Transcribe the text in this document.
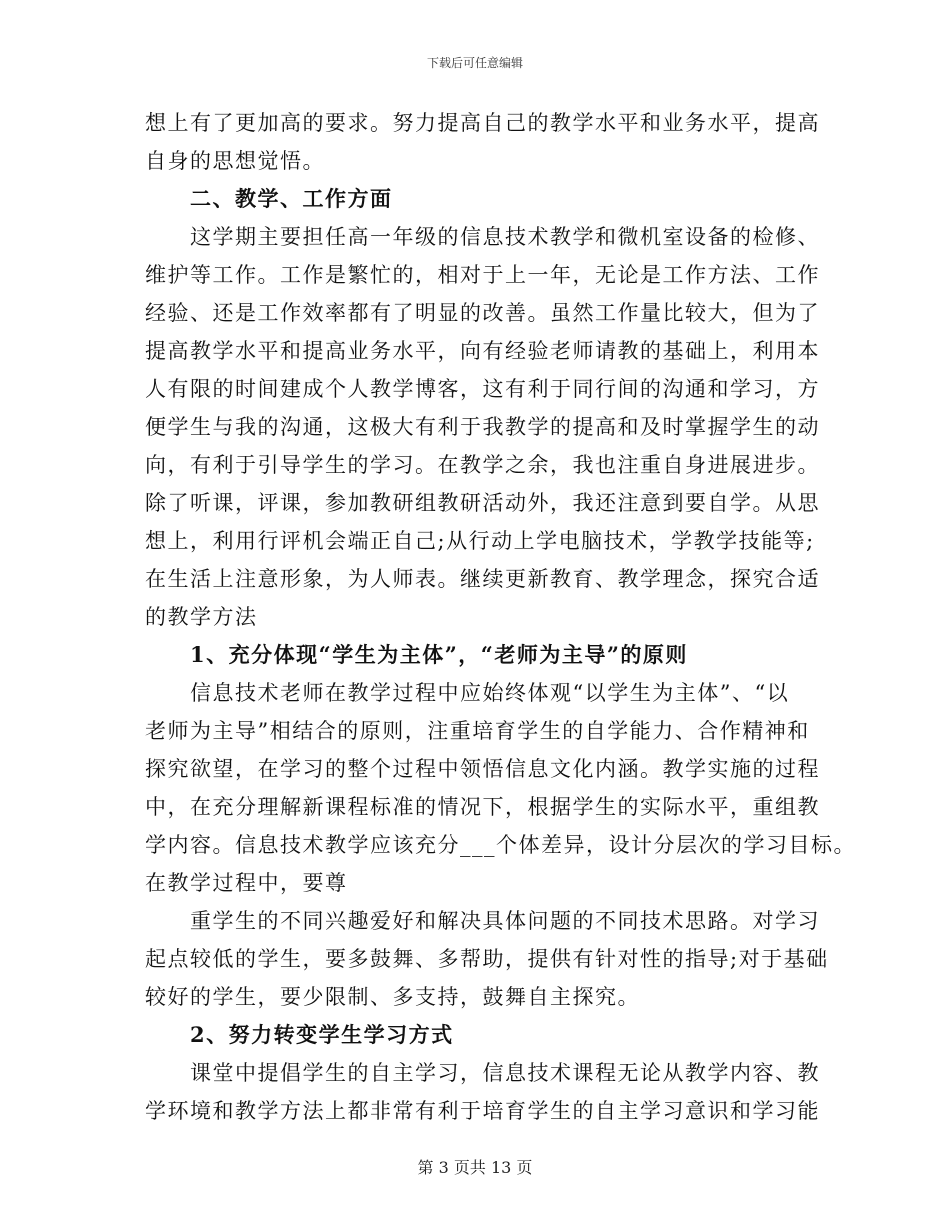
下载后可任意编辑
想上有了更加高的要求。努力提高自己的教学水平和业务水平，提高
自身的思想觉悟。
二、教学、工作方面
这学期主要担任高一年级的信息技术教学和微机室设备的检修、
维护等工作。工作是繁忙的，相对于上一年，无论是工作方法、工作
经验、还是工作效率都有了明显的改善。虽然工作量比较大，但为了
提高教学水平和提高业务水平，向有经验老师请教的基础上，利用本
人有限的时间建成个人教学博客，这有利于同行间的沟通和学习，方
便学生与我的沟通，这极大有利于我教学的提高和及时掌握学生的动
向，有利于引导学生的学习。在教学之余，我也注重自身进展进步。
除了听课，评课，参加教研组教研活动外，我还注意到要自学。从思
想上，利用行评机会端正自己;从行动上学电脑技术，学教学技能等;
在生活上注意形象，为人师表。继续更新教育、教学理念，探究合适
的教学方法
1、充分体现“学生为主体”，“老师为主导”的原则
信息技术老师在教学过程中应始终体观“以学生为主体”、“以
老师为主导”相结合的原则，注重培育学生的自学能力、合作精神和
探究欲望，在学习的整个过程中领悟信息文化内涵。教学实施的过程
中，在充分理解新课程标准的情况下，根据学生的实际水平，重组教
学内容。信息技术教学应该充分___个体差异，设计分层次的学习目标。
在教学过程中，要尊
重学生的不同兴趣爱好和解决具体问题的不同技术思路。对学习
起点较低的学生，要多鼓舞、多帮助，提供有针对性的指导;对于基础
较好的学生，要少限制、多支持，鼓舞自主探究。
2、努力转变学生学习方式
课堂中提倡学生的自主学习，信息技术课程无论从教学内容、教
学环境和教学方法上都非常有利于培育学生的自主学习意识和学习能
第 3 页共 13 页
